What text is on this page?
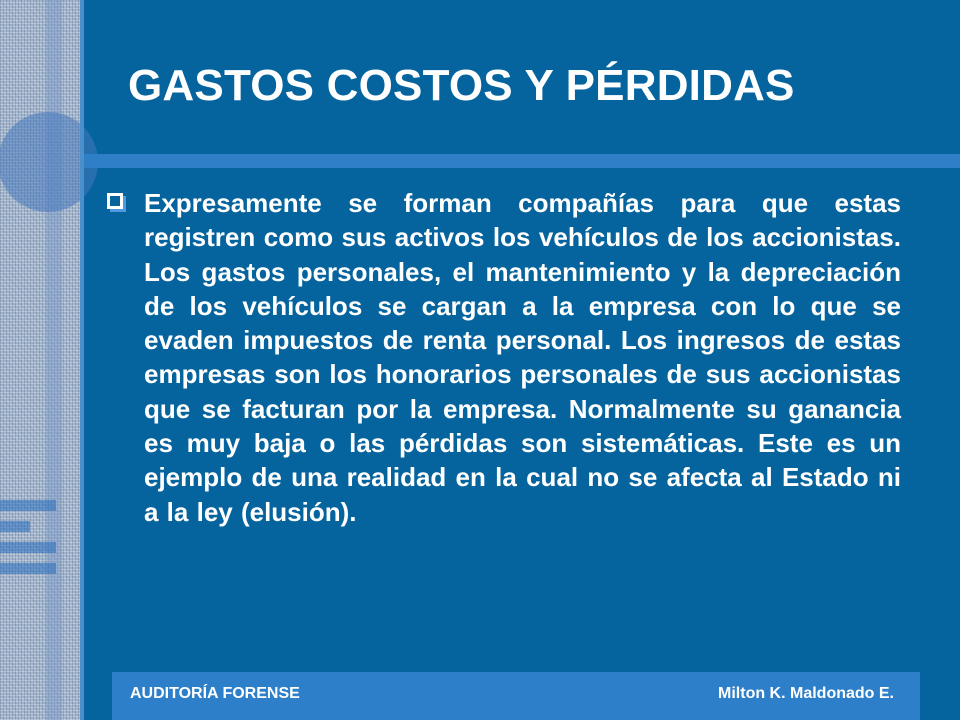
GASTOS COSTOS Y PÉRDIDAS

Expresamente se forman compañías para que estas registren como sus activos los vehículos de los accionistas. Los gastos personales, el mantenimiento y la depreciación de los vehículos se cargan a la empresa con lo que se evaden impuestos de renta personal. Los ingresos de estas empresas son los honorarios personales de sus accionistas que se facturan por la empresa. Normalmente su ganancia es muy baja o las pérdidas son sistemáticas. Este es un ejemplo de una realidad en la cual no se afecta al Estado ni a la ley (elusión).

AUDITORÍA FORENSE	Milton K. Maldonado E.
